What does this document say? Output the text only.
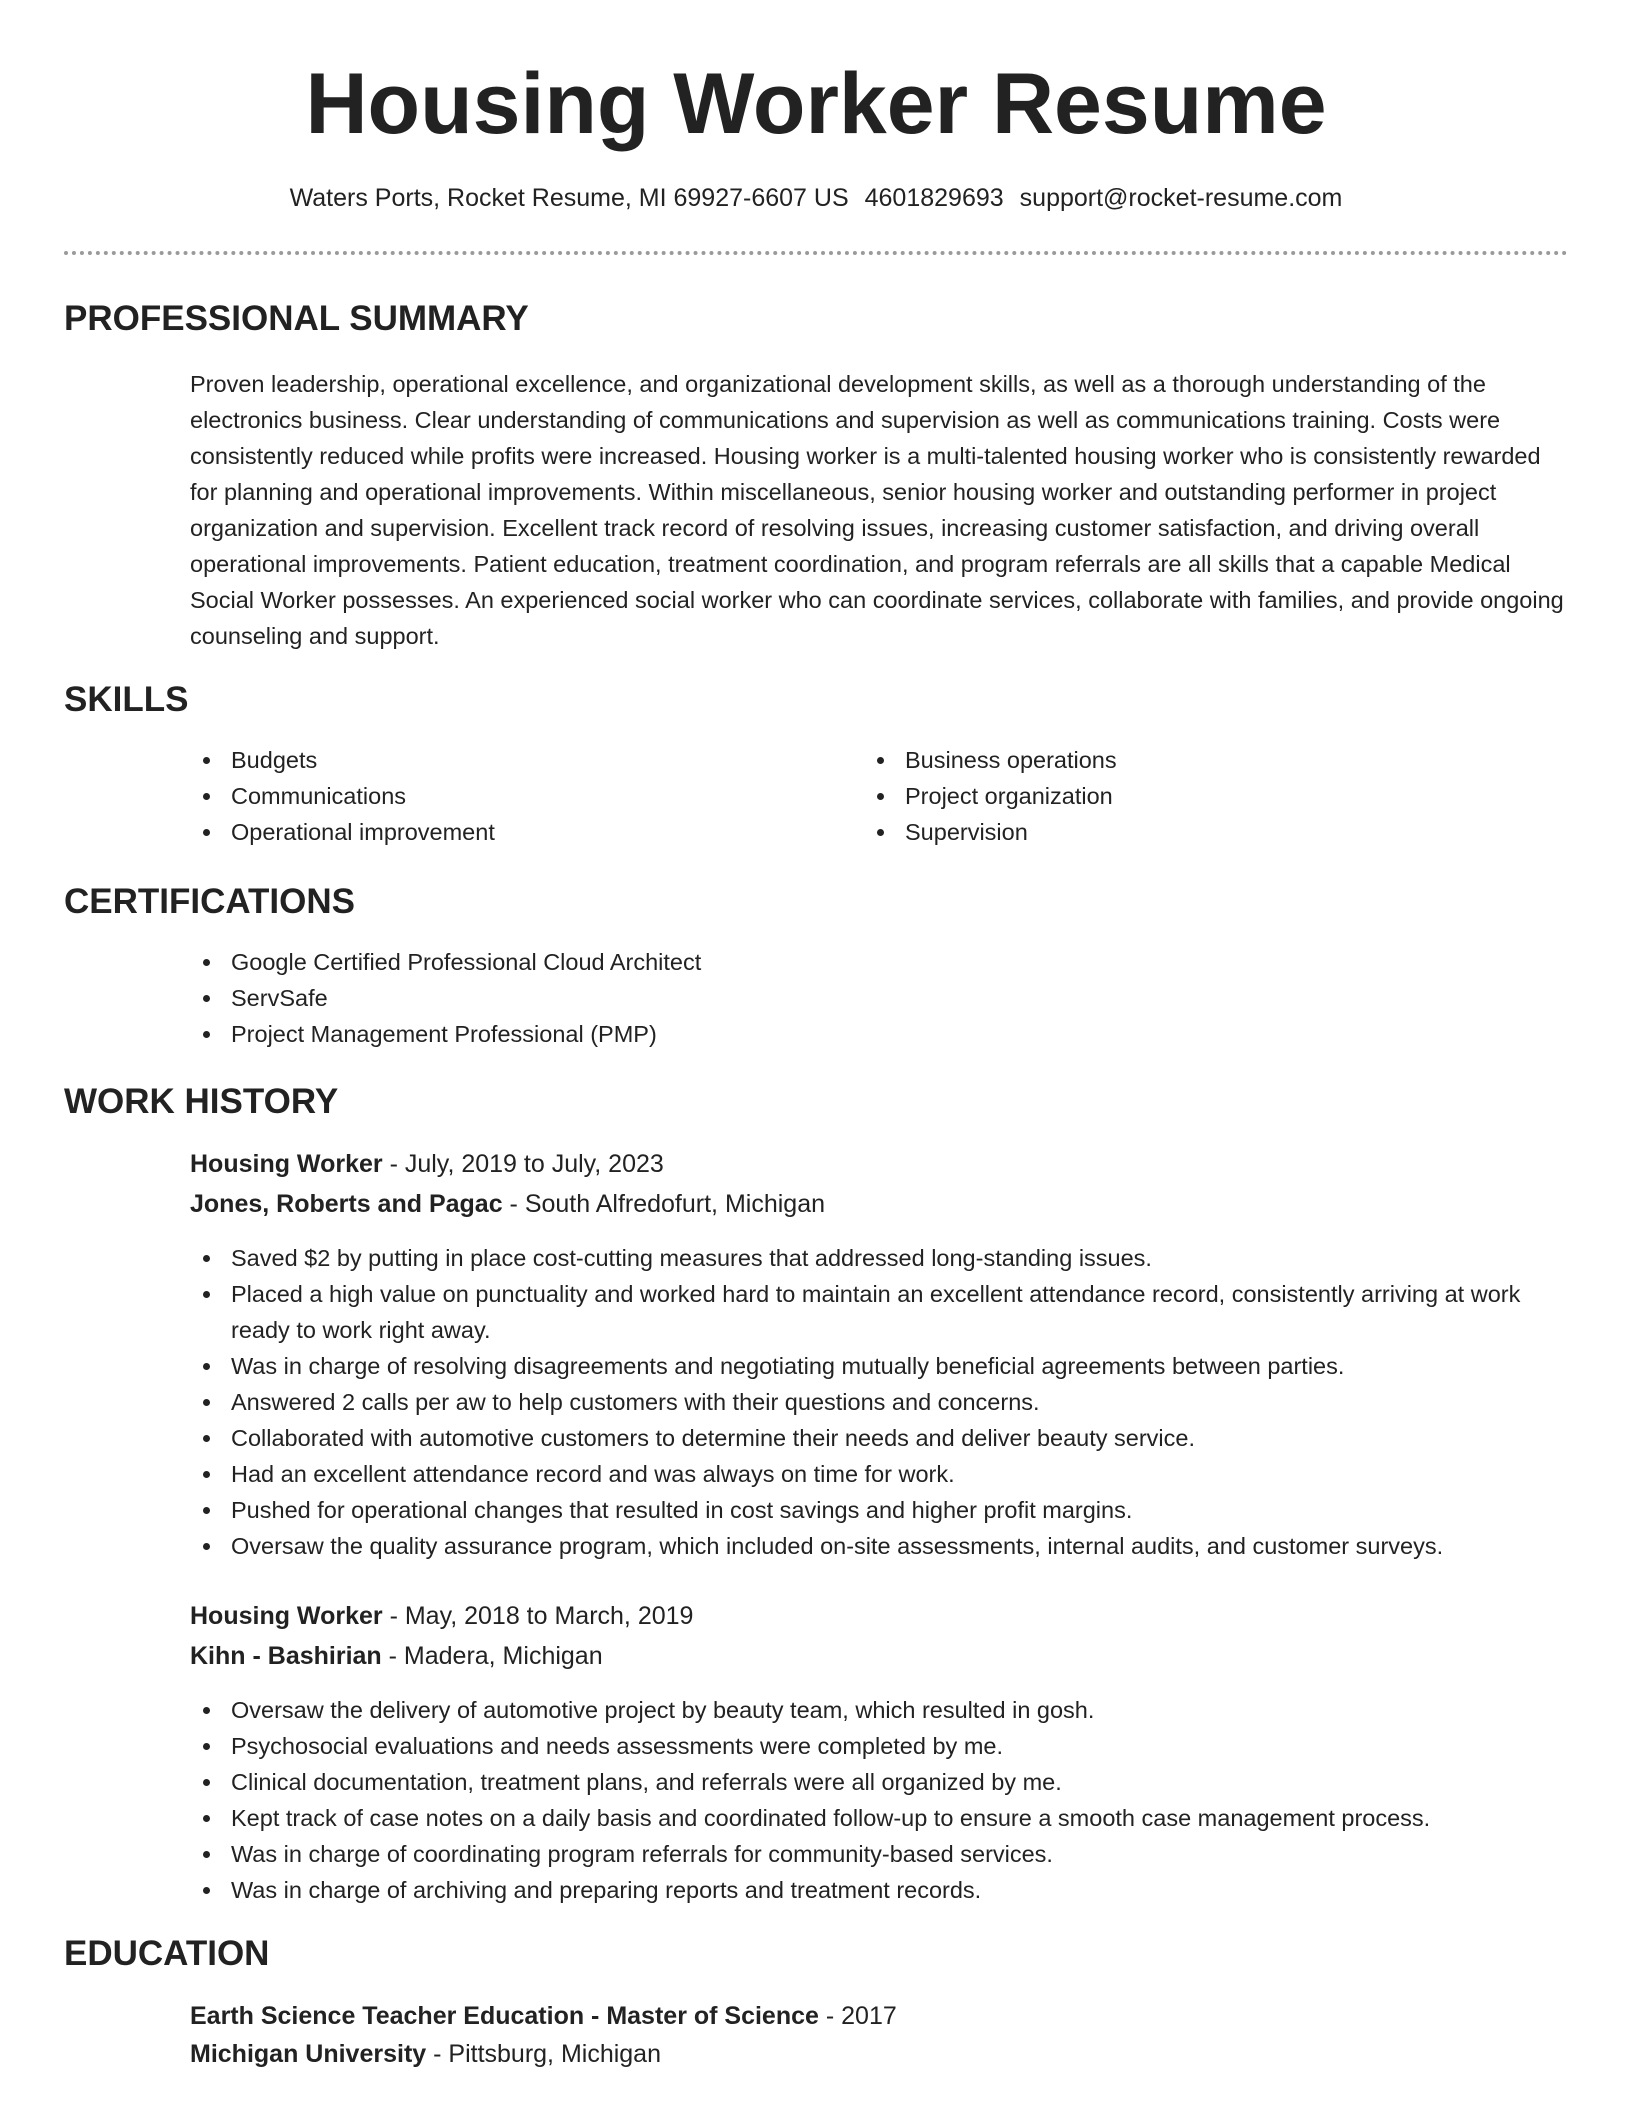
Housing Worker Resume
Waters Ports, Rocket Resume, MI 69927-6607 US 4601829693 support@rocket-resume.com
PROFESSIONAL SUMMARY

Proven leadership, operational excellence, and organizational development skills, as well as a thorough understanding of the electronics business. Clear understanding of communications and supervision as well as communications training. Costs were consistently reduced while profits were increased. Housing worker is a multi-talented housing worker who is consistently rewarded for planning and operational improvements. Within miscellaneous, senior housing worker and outstanding performer in project organization and supervision. Excellent track record of resolving issues, increasing customer satisfaction, and driving overall operational improvements. Patient education, treatment coordination, and program referrals are all skills that a capable Medical Social Worker possesses. An experienced social worker who can coordinate services, collaborate with families, and provide ongoing counseling and support.

SKILLS
Budgets
Communications
Operational improvement
Business operations
Project organization
Supervision
CERTIFICATIONS
Google Certified Professional Cloud Architect
ServSafe
Project Management Professional (PMP)
WORK HISTORY
Housing Worker - July, 2019 to July, 2023
Jones, Roberts and Pagac - South Alfredofurt, Michigan
Saved $2 by putting in place cost-cutting measures that addressed long-standing issues.
Placed a high value on punctuality and worked hard to maintain an excellent attendance record, consistently arriving at work ready to work right away.
Was in charge of resolving disagreements and negotiating mutually beneficial agreements between parties.
Answered 2 calls per aw to help customers with their questions and concerns.
Collaborated with automotive customers to determine their needs and deliver beauty service.
Had an excellent attendance record and was always on time for work.
Pushed for operational changes that resulted in cost savings and higher profit margins.
Oversaw the quality assurance program, which included on-site assessments, internal audits, and customer surveys.
Housing Worker - May, 2018 to March, 2019
Kihn - Bashirian - Madera, Michigan
Oversaw the delivery of automotive project by beauty team, which resulted in gosh.
Psychosocial evaluations and needs assessments were completed by me.
Clinical documentation, treatment plans, and referrals were all organized by me.
Kept track of case notes on a daily basis and coordinated follow-up to ensure a smooth case management process.
Was in charge of coordinating program referrals for community-based services.
Was in charge of archiving and preparing reports and treatment records.
EDUCATION
Earth Science Teacher Education - Master of Science - 2017
Michigan University - Pittsburg, Michigan
